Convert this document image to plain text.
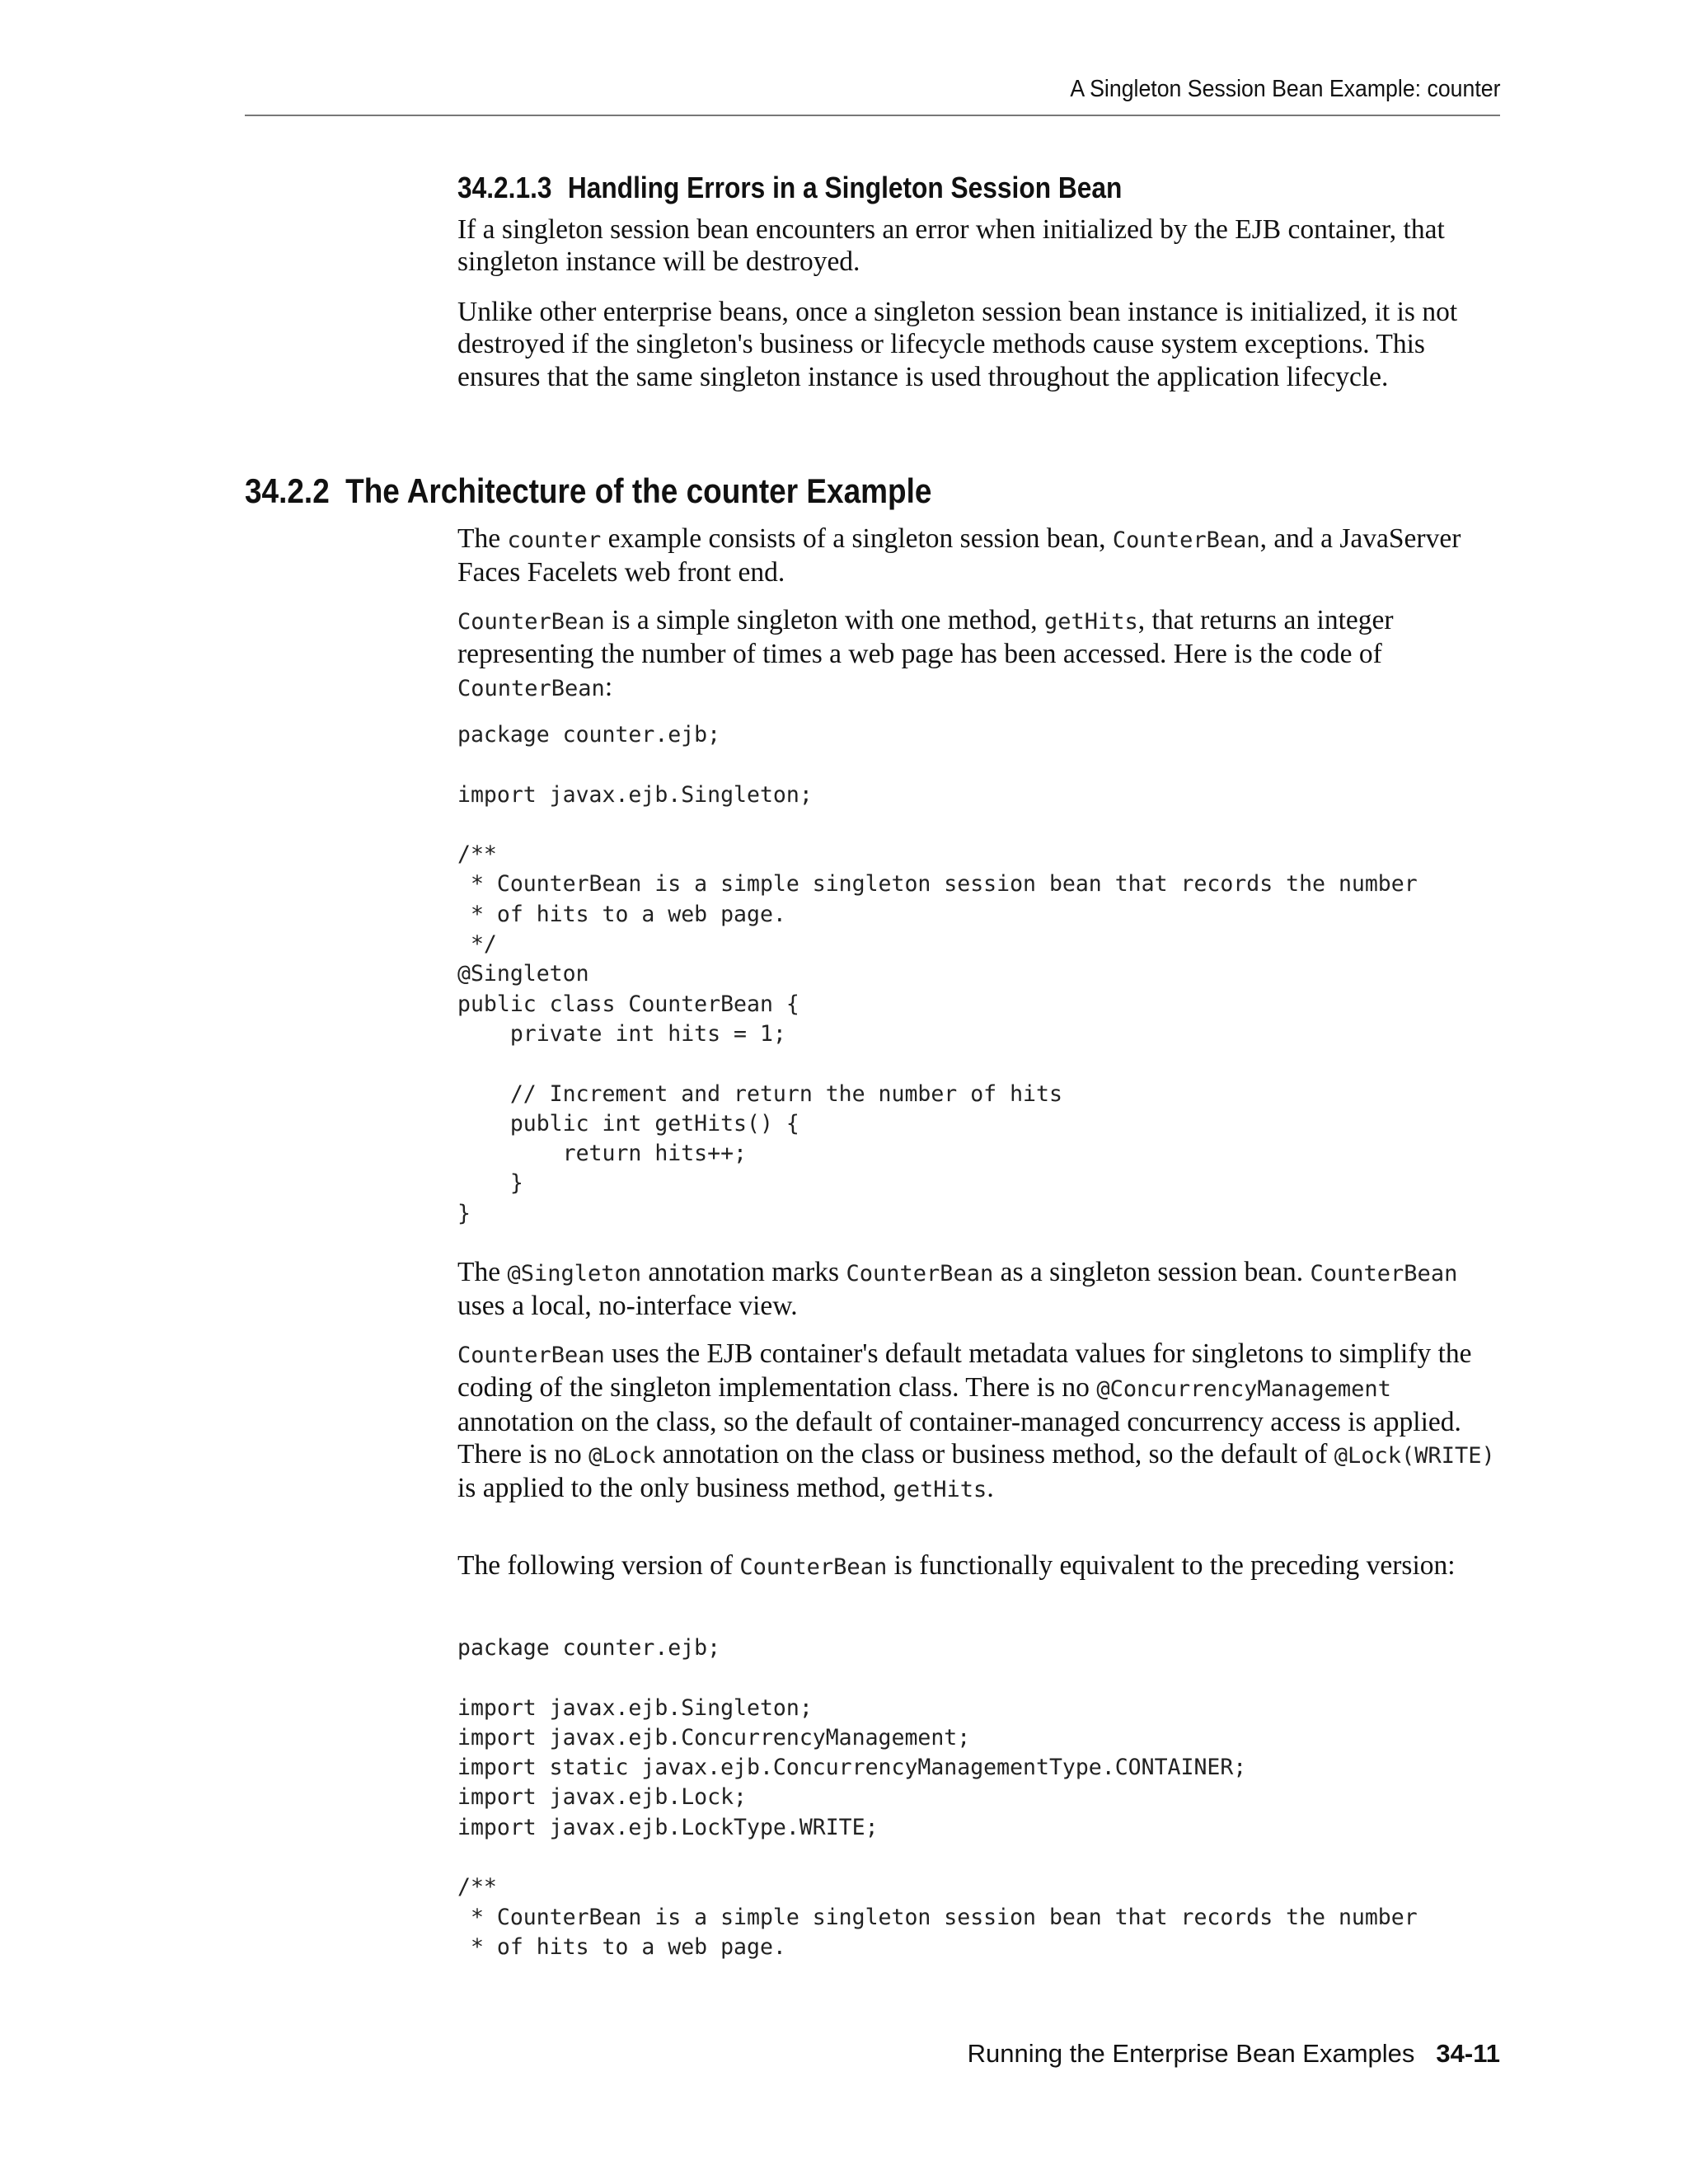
A Singleton Session Bean Example: counter
34.2.1.3 Handling Errors in a Singleton Session Bean

If a singleton session bean encounters an error when initialized by the EJB container, that singleton instance will be destroyed.

Unlike other enterprise beans, once a singleton session bean instance is initialized, it is not destroyed if the singleton's business or lifecycle methods cause system exceptions. This ensures that the same singleton instance is used throughout the application lifecycle.

34.2.2 The Architecture of the counter Example

The counter example consists of a singleton session bean, CounterBean, and a JavaServer Faces Facelets web front end.

CounterBean is a simple singleton with one method, getHits, that returns an integer representing the number of times a web page has been accessed. Here is the code of CounterBean:

package counter.ejb;

import javax.ejb.Singleton;

/**
* CounterBean is a simple singleton session bean that records the number
* of hits to a web page.
*/
@Singleton
public class CounterBean {
private int hits = 1;

// Increment and return the number of hits
public int getHits() {
return hits++;
}
}

The @Singleton annotation marks CounterBean as a singleton session bean. CounterBean uses a local, no-interface view.

CounterBean uses the EJB container's default metadata values for singletons to simplify the coding of the singleton implementation class. There is no @ConcurrencyManagement annotation on the class, so the default of container-managed concurrency access is applied. There is no @Lock annotation on the class or business method, so the default of @Lock(WRITE) is applied to the only business method, getHits.

The following version of CounterBean is functionally equivalent to the preceding version:

package counter.ejb;

import javax.ejb.Singleton;
import javax.ejb.ConcurrencyManagement;
import static javax.ejb.ConcurrencyManagementType.CONTAINER;
import javax.ejb.Lock;
import javax.ejb.LockType.WRITE;

/**
* CounterBean is a simple singleton session bean that records the number
* of hits to a web page.
Running the Enterprise Bean Examples 34-11
